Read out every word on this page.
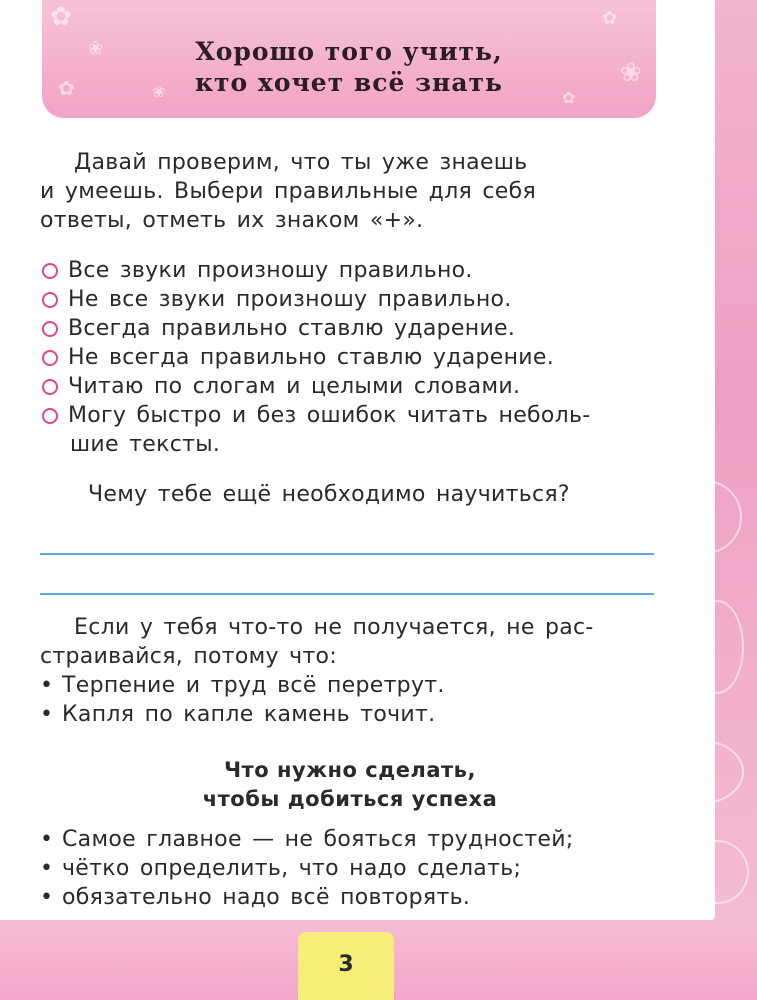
✿
❀
✿	❀
✿
❀
✿
Хорошо того учить,
кто хочет всё знать
Давай проверим, что ты уже знаешь
и умеешь. Выбери правильные для себя
ответы, отметь их знаком «+».
Все звуки произношу правильно.
Не все звуки произношу правильно.
Всегда правильно ставлю ударение.
Не всегда правильно ставлю ударение.
Читаю по слогам и целыми словами.
Могу быстро и без ошибок читать неболь-
шие тексты.
Чему тебе ещё необходимо научиться?
Если у тебя что-то не получается, не рас-
страивайся, потому что:
• Терпение и труд всё перетрут.
• Капля по капле камень точит.
Что нужно сделать,
чтобы добиться успеха
• Самое главное — не бояться трудностей;
• чётко определить, что надо сделать;
• обязательно надо всё повторять.
3
